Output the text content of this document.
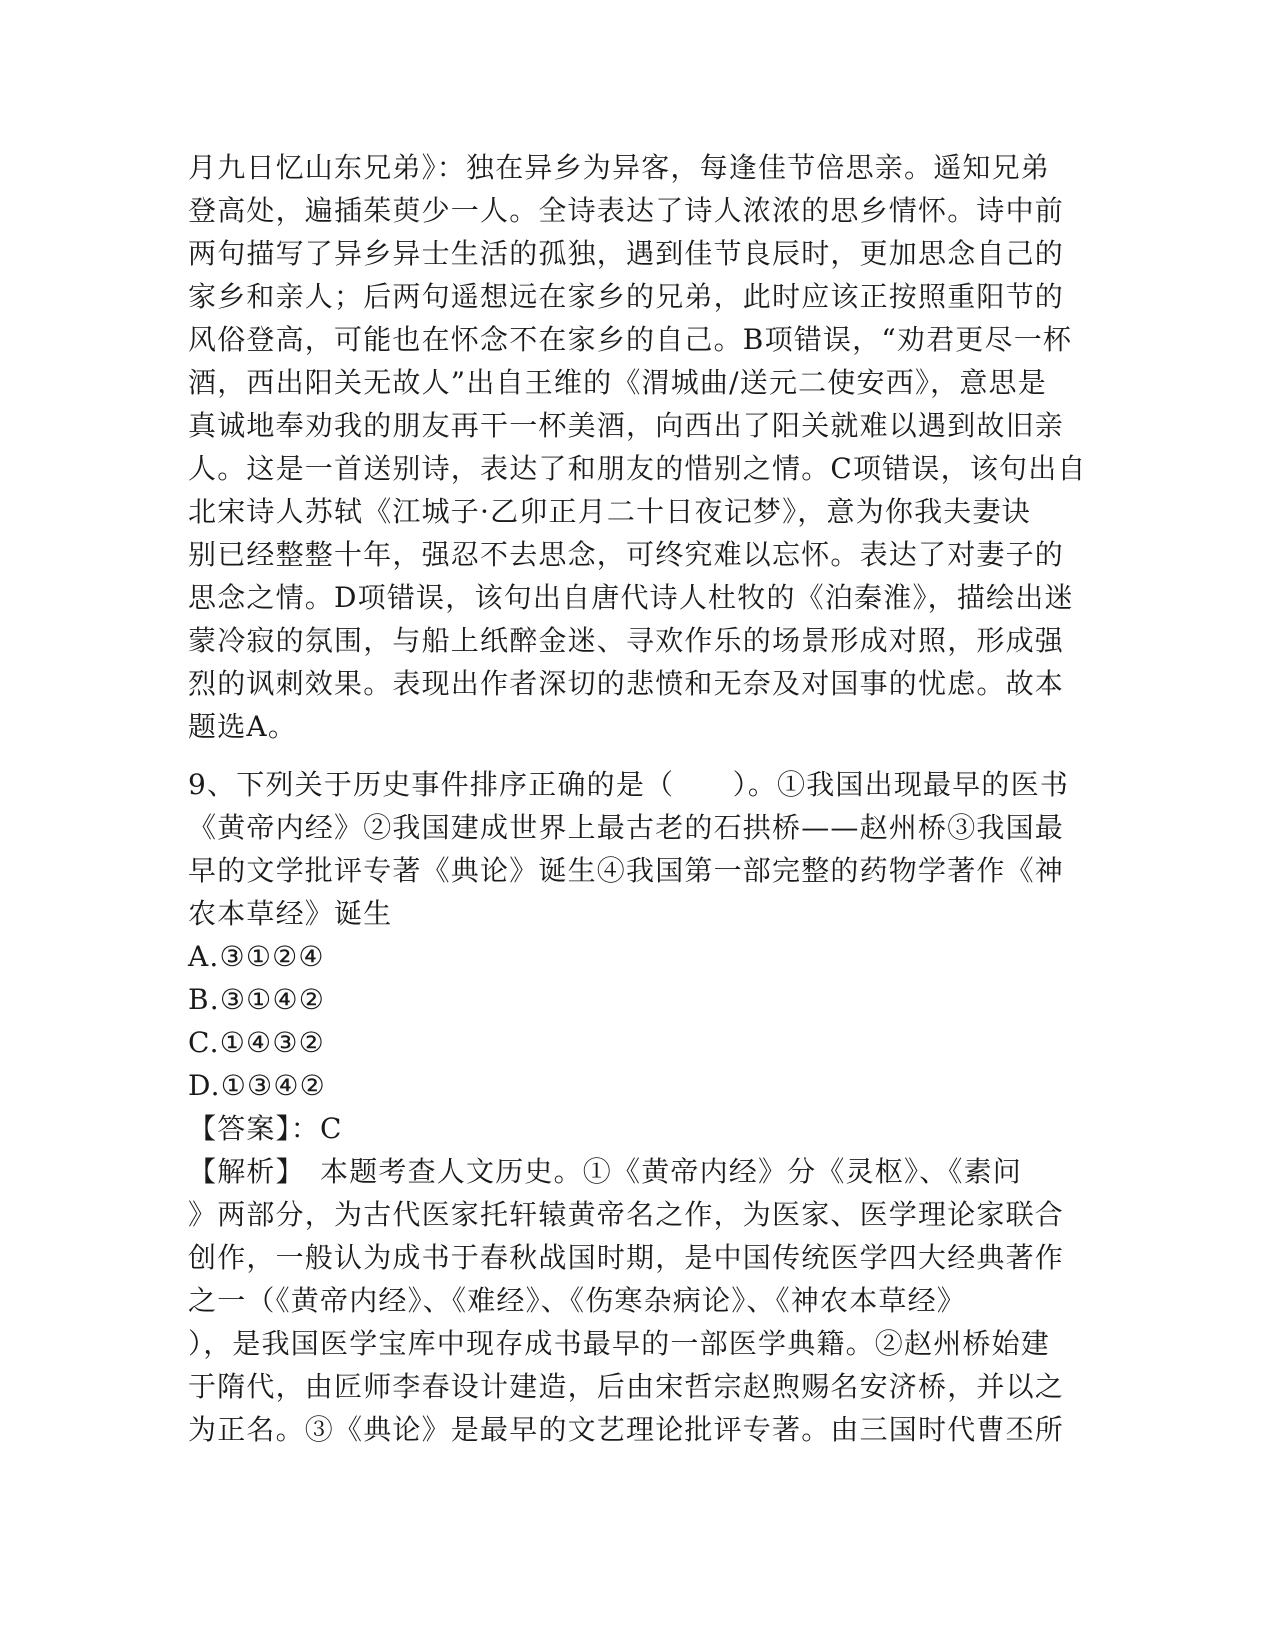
月九日忆山东兄弟》：独在异乡为异客，每逢佳节倍思亲。遥知兄弟
登高处，遍插茱萸少一人。全诗表达了诗人浓浓的思乡情怀。诗中前
两句描写了异乡异士生活的孤独，遇到佳节良辰时，更加思念自己的
家乡和亲人；后两句遥想远在家乡的兄弟，此时应该正按照重阳节的
风俗登高，可能也在怀念不在家乡的自己。B项错误，“劝君更尽一杯
酒，西出阳关无故人”出自王维的《渭城曲/送元二使安西》，意思是
真诚地奉劝我的朋友再干一杯美酒，向西出了阳关就难以遇到故旧亲
人。这是一首送别诗，表达了和朋友的惜别之情。C项错误，该句出自
北宋诗人苏轼《江城子·乙卯正月二十日夜记梦》，意为你我夫妻诀
别已经整整十年，强忍不去思念，可终究难以忘怀。表达了对妻子的
思念之情。D项错误，该句出自唐代诗人杜牧的《泊秦淮》，描绘出迷
蒙冷寂的氛围，与船上纸醉金迷、寻欢作乐的场景形成对照，形成强
烈的讽刺效果。表现出作者深切的悲愤和无奈及对国事的忧虑。故本
题选A。
9、下列关于历史事件排序正确的是（　　）。①我国出现最早的医书
《黄帝内经》②我国建成世界上最古老的石拱桥——赵州桥③我国最
早的文学批评专著《典论》诞生④我国第一部完整的药物学著作《神
农本草经》诞生
A.③①②④
B.③①④②
C.①④③②
D.①③④②
【答案】：C
【解析】　本题考查人文历史。①《黄帝内经》分《灵枢》、《素问
》两部分，为古代医家托轩辕黄帝名之作，为医家、医学理论家联合
创作，一般认为成书于春秋战国时期，是中国传统医学四大经典著作
之一（《黄帝内经》、《难经》、《伤寒杂病论》、《神农本草经》
），是我国医学宝库中现存成书最早的一部医学典籍。②赵州桥始建
于隋代，由匠师李春设计建造，后由宋哲宗赵煦赐名安济桥，并以之
为正名。③《典论》是最早的文艺理论批评专著。由三国时代曹丕所
